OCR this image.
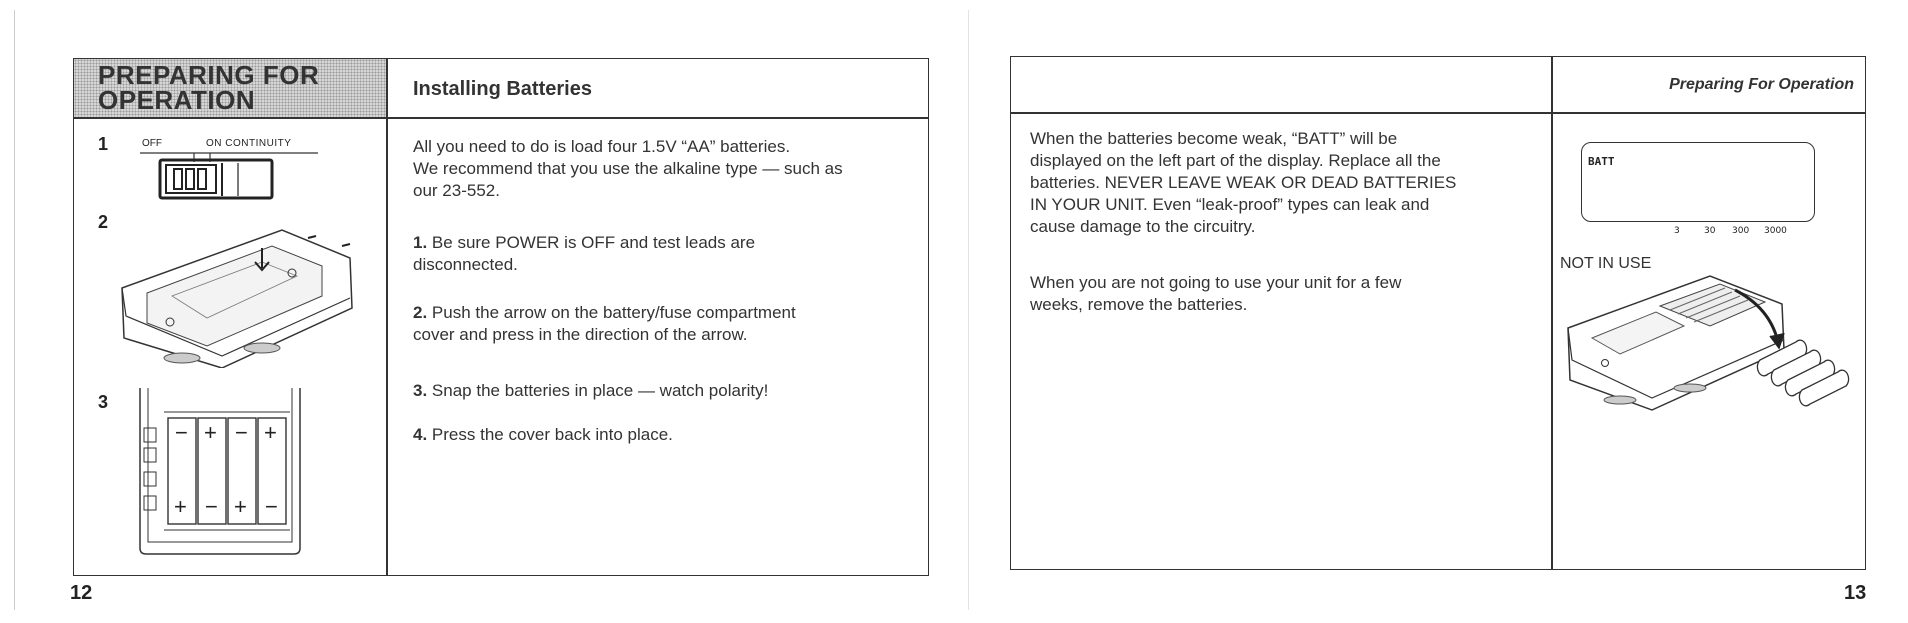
PREPARING FOR
OPERATION	Installing Batteries
1
2
3
OFF	ON CONTINUITY
− + − +
+ − + −
All you need to do is load four 1.5V “AA” batteries.
We recommend that you use the alkaline type — such as
our 23-552.
1. Be sure POWER is OFF and test leads are
disconnected.
2. Push the arrow on the battery/fuse compartment
cover and press in the direction of the arrow.
3. Snap the batteries in place — watch polarity!
4. Press the cover back into place.
12
Preparing For Operation
When the batteries become weak, “BATT” will be
displayed on the left part of the display. Replace all the
batteries. NEVER LEAVE WEAK OR DEAD BATTERIES
IN YOUR UNIT. Even “leak-proof” types can leak and
cause damage to the circuitry.
When you are not going to use your unit for a few
weeks, remove the batteries.
BATT
3	30 300 3000
NOT IN USE
13
